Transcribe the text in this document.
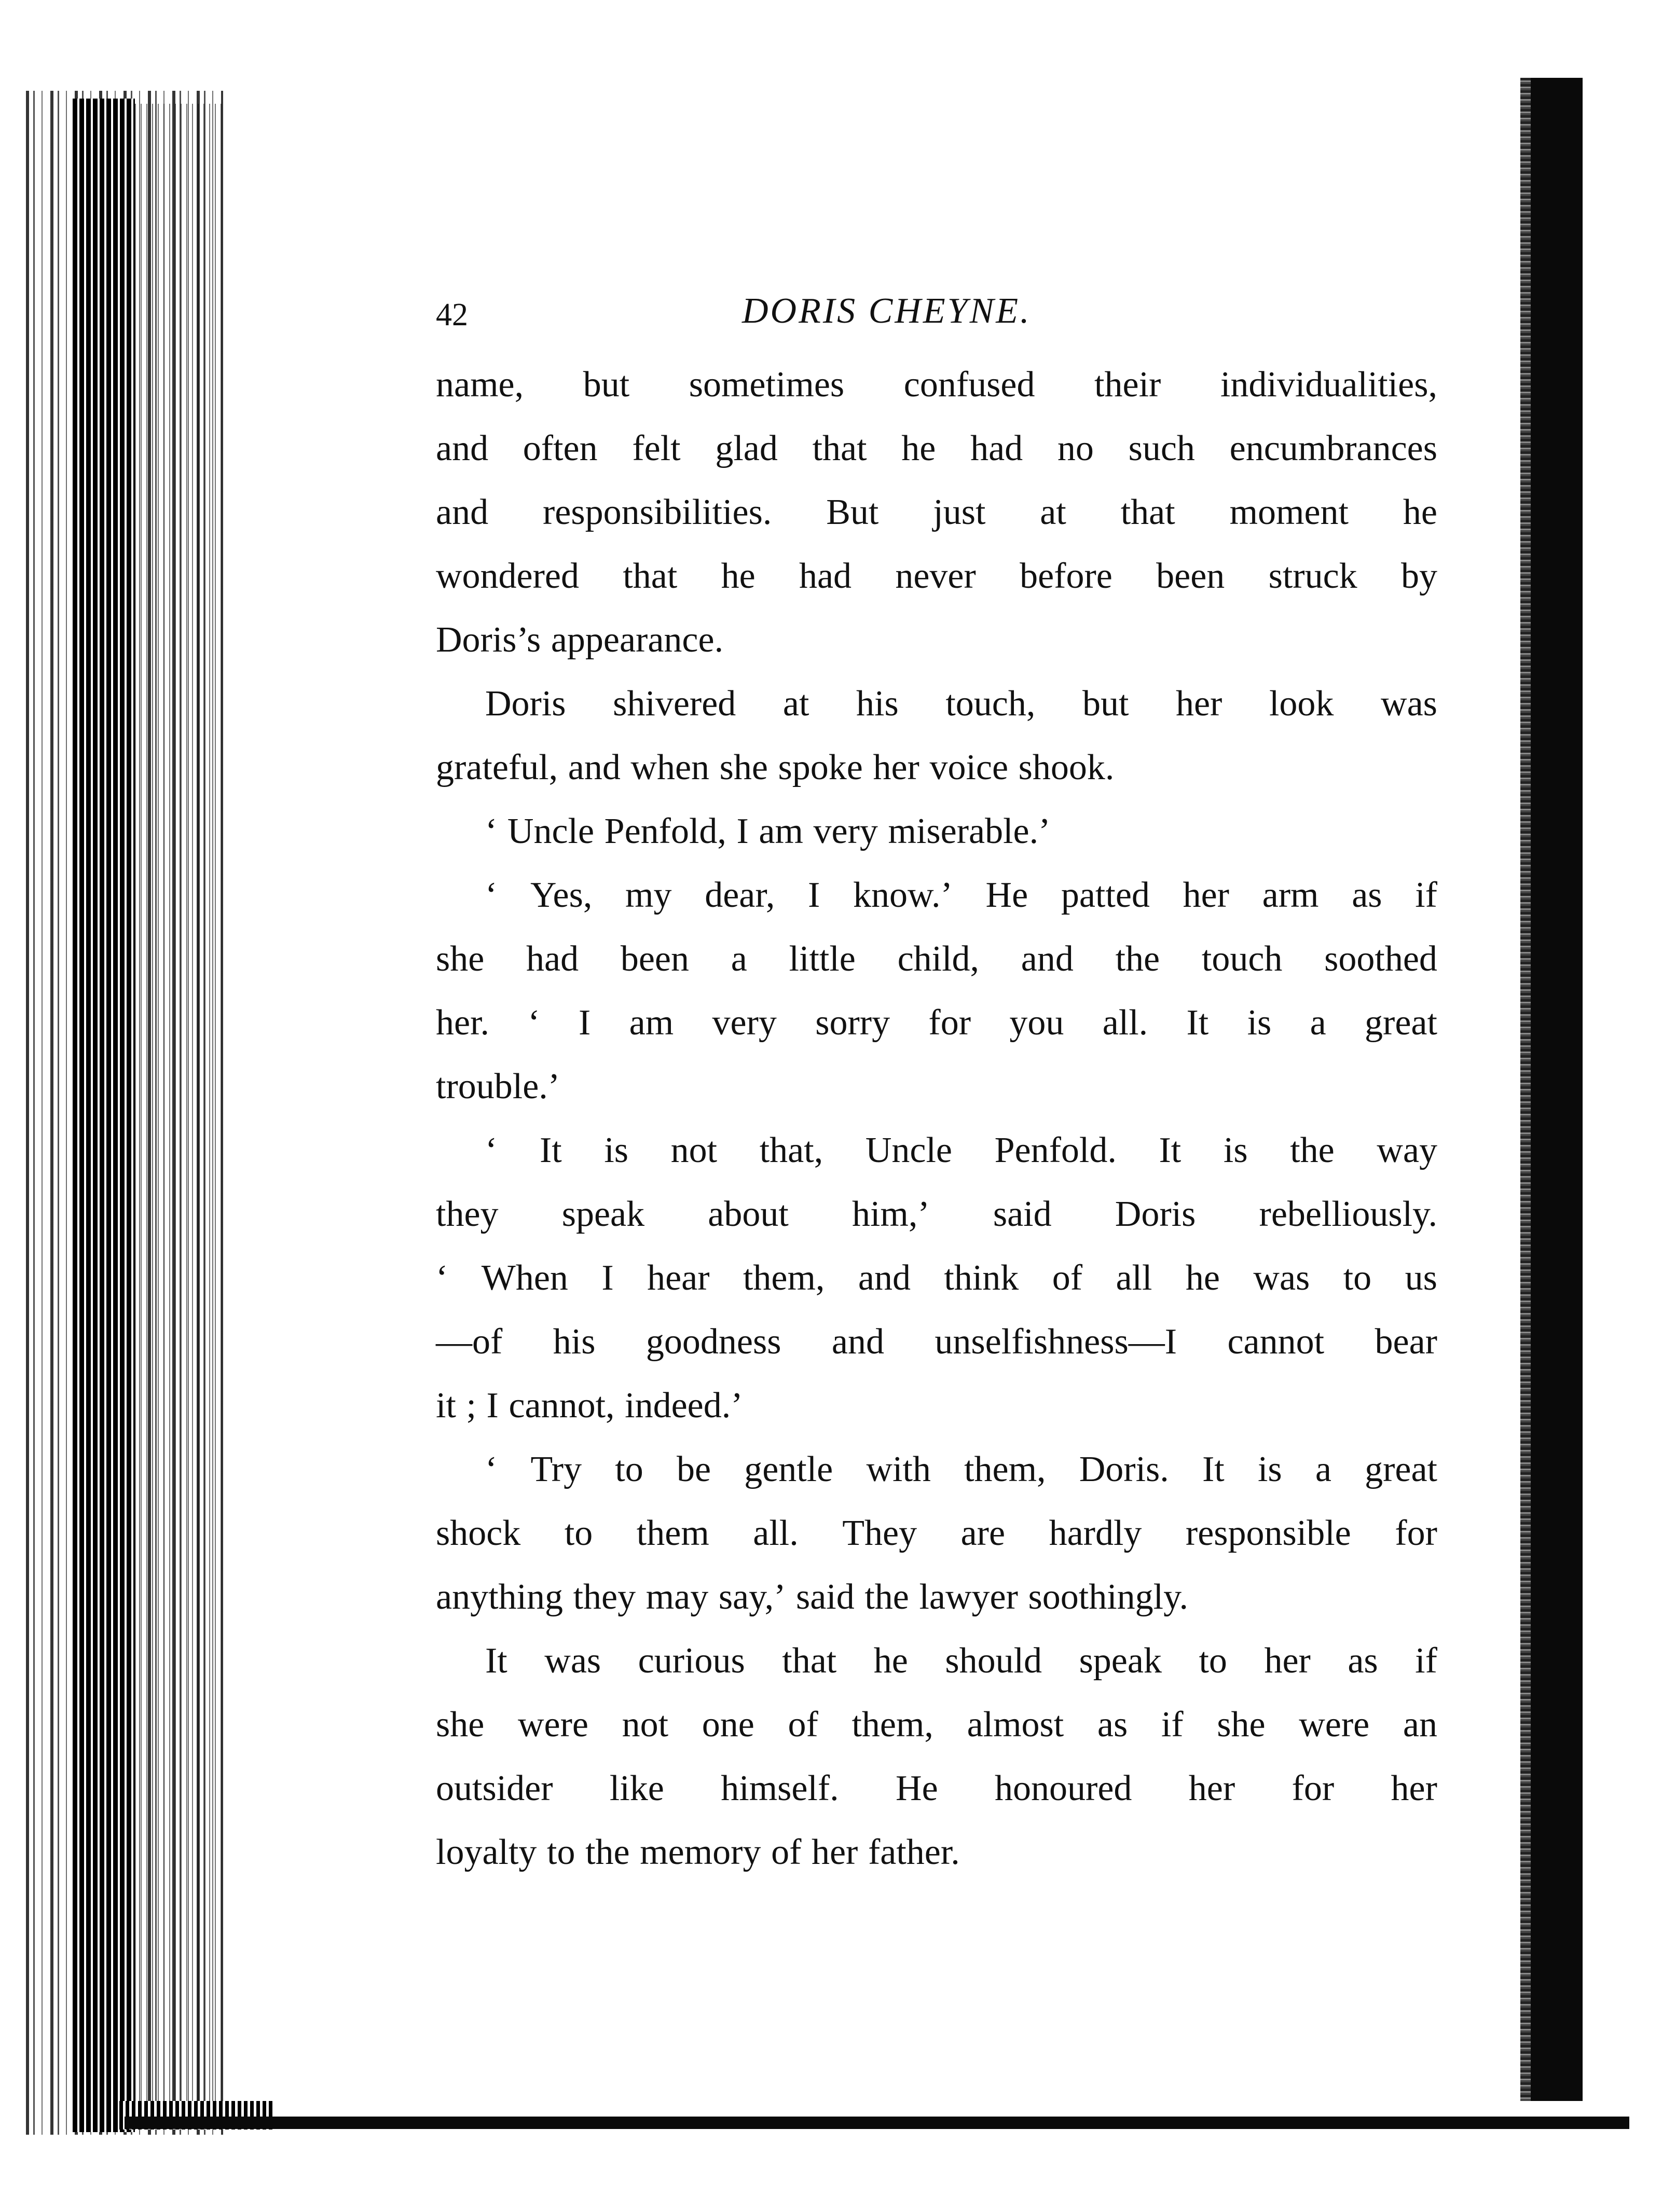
42	DORIS CHEYNE.
name, but sometimes confused their individualities,
and often felt glad that he had no such encumbrances
and responsibilities. But just at that moment he
wondered that he had never before been struck by
Doris’s appearance.
Doris shivered at his touch, but her look was
grateful, and when she spoke her voice shook.
‘ Uncle Penfold, I am very miserable.’
‘ Yes, my dear, I know.’ He patted her arm as if
she had been a little child, and the touch soothed
her. ‘ I am very sorry for you all. It is a great
trouble.’
‘ It is not that, Uncle Penfold. It is the way
they speak about him,’ said Doris rebelliously.
‘ When I hear them, and think of all he was to us
—of his goodness and unselfishness—I cannot bear
it ; I cannot, indeed.’
‘ Try to be gentle with them, Doris. It is a great
shock to them all. They are hardly responsible for
anything they may say,’ said the lawyer soothingly.
It was curious that he should speak to her as if
she were not one of them, almost as if she were an
outsider like himself. He honoured her for her
loyalty to the memory of her father.
